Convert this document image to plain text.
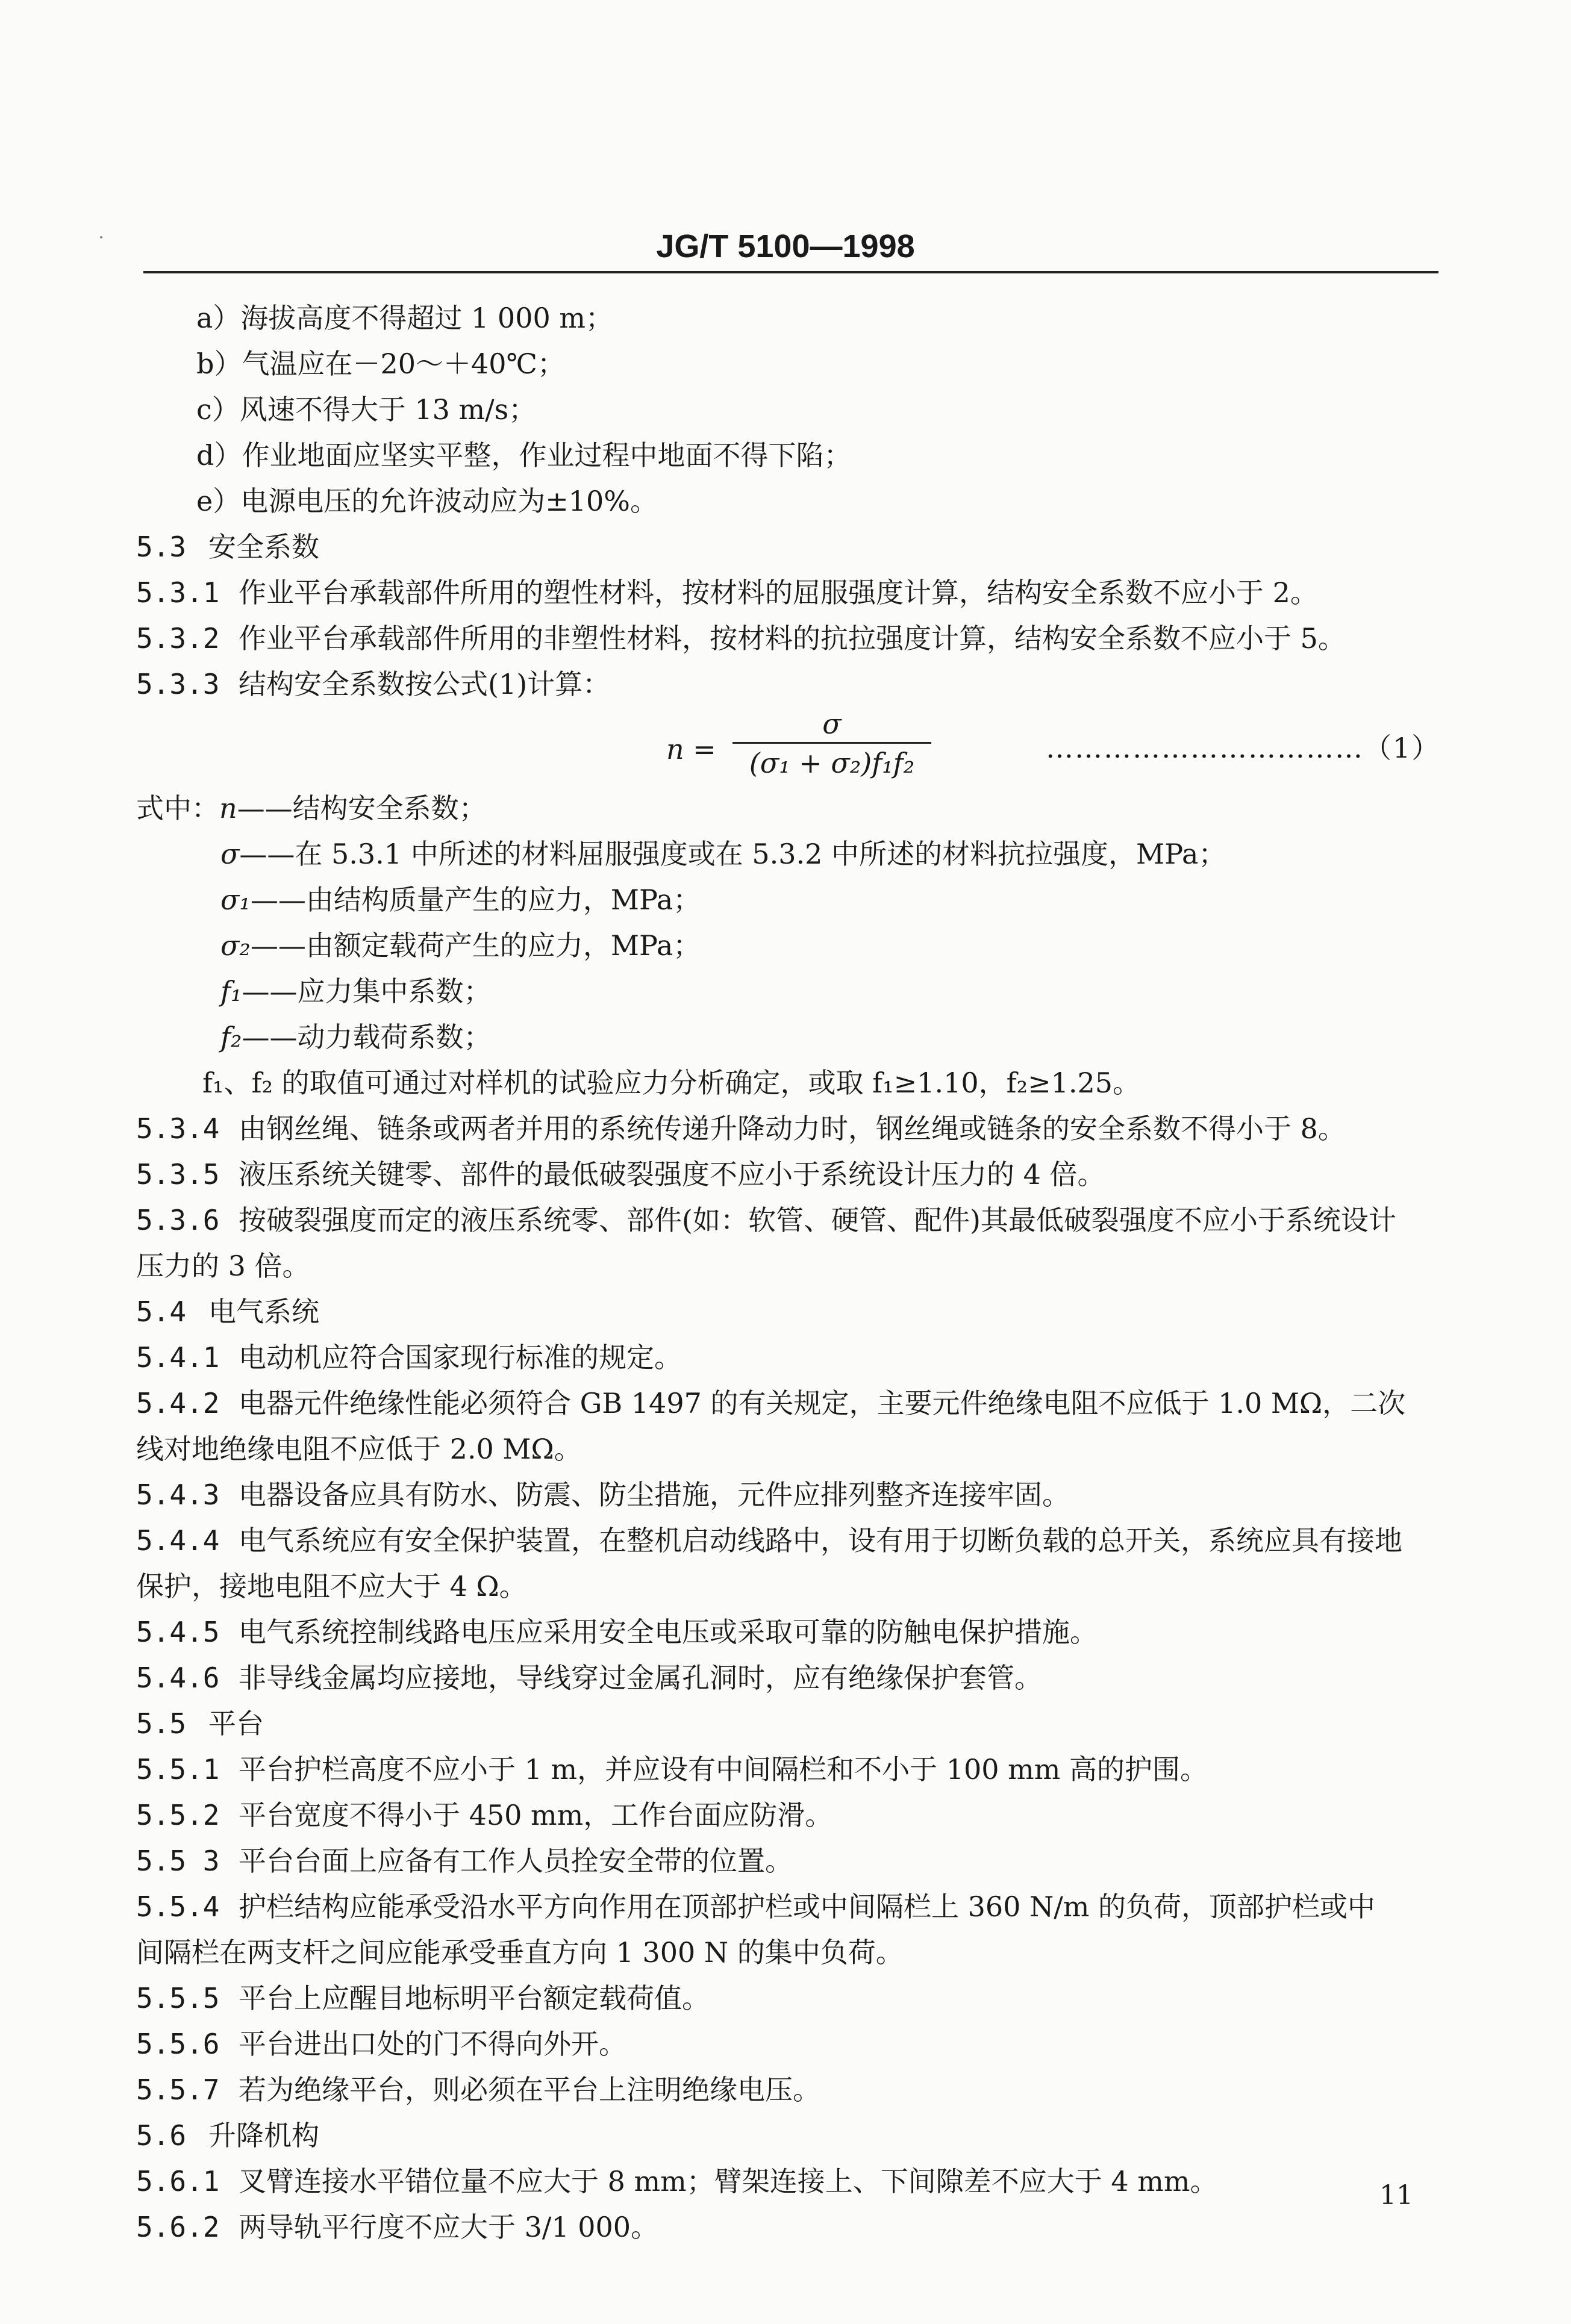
JG/T 5100—1998
a）海拔高度不得超过 1 000 m；
b）气温应在－20～＋40℃；
c）风速不得大于 13 m/s；
d）作业地面应坚实平整，作业过程中地面不得下陷；
e）电源电压的允许波动应为±10%。
5.3 安全系数
5.3.1 作业平台承载部件所用的塑性材料，按材料的屈服强度计算，结构安全系数不应小于 2。
5.3.2 作业平台承载部件所用的非塑性材料，按材料的抗拉强度计算，结构安全系数不应小于 5。
5.3.3 结构安全系数按公式(1)计算：
n =
σ
(σ₁ + σ₂)f₁f₂	……………………………（1）
式中：n——结构安全系数；
σ——在 5.3.1 中所述的材料屈服强度或在 5.3.2 中所述的材料抗拉强度，MPa；
σ₁——由结构质量产生的应力，MPa；
σ₂——由额定载荷产生的应力，MPa；
f₁——应力集中系数；
f₂——动力载荷系数；
f₁、f₂ 的取值可通过对样机的试验应力分析确定，或取 f₁≥1.10，f₂≥1.25。
5.3.4 由钢丝绳、链条或两者并用的系统传递升降动力时，钢丝绳或链条的安全系数不得小于 8。
5.3.5 液压系统关键零、部件的最低破裂强度不应小于系统设计压力的 4 倍。
5.3.6 按破裂强度而定的液压系统零、部件(如：软管、硬管、配件)其最低破裂强度不应小于系统设计
压力的 3 倍。
5.4 电气系统
5.4.1 电动机应符合国家现行标准的规定。
5.4.2 电器元件绝缘性能必须符合 GB 1497 的有关规定，主要元件绝缘电阻不应低于 1.0 MΩ，二次
线对地绝缘电阻不应低于 2.0 MΩ。
5.4.3 电器设备应具有防水、防震、防尘措施，元件应排列整齐连接牢固。
5.4.4 电气系统应有安全保护装置，在整机启动线路中，设有用于切断负载的总开关，系统应具有接地
保护，接地电阻不应大于 4 Ω。
5.4.5 电气系统控制线路电压应采用安全电压或采取可靠的防触电保护措施。
5.4.6 非导线金属均应接地，导线穿过金属孔洞时，应有绝缘保护套管。
5.5 平台
5.5.1 平台护栏高度不应小于 1 m，并应设有中间隔栏和不小于 100 mm 高的护围。
5.5.2 平台宽度不得小于 450 mm，工作台面应防滑。
5.5 3 平台台面上应备有工作人员拴安全带的位置。
5.5.4 护栏结构应能承受沿水平方向作用在顶部护栏或中间隔栏上 360 N/m 的负荷，顶部护栏或中
间隔栏在两支杆之间应能承受垂直方向 1 300 N 的集中负荷。
5.5.5 平台上应醒目地标明平台额定载荷值。
5.5.6 平台进出口处的门不得向外开。
5.5.7 若为绝缘平台，则必须在平台上注明绝缘电压。
5.6 升降机构
5.6.1 叉臂连接水平错位量不应大于 8 mm；臂架连接上、下间隙差不应大于 4 mm。
5.6.2 两导轨平行度不应大于 3/1 000。
11
